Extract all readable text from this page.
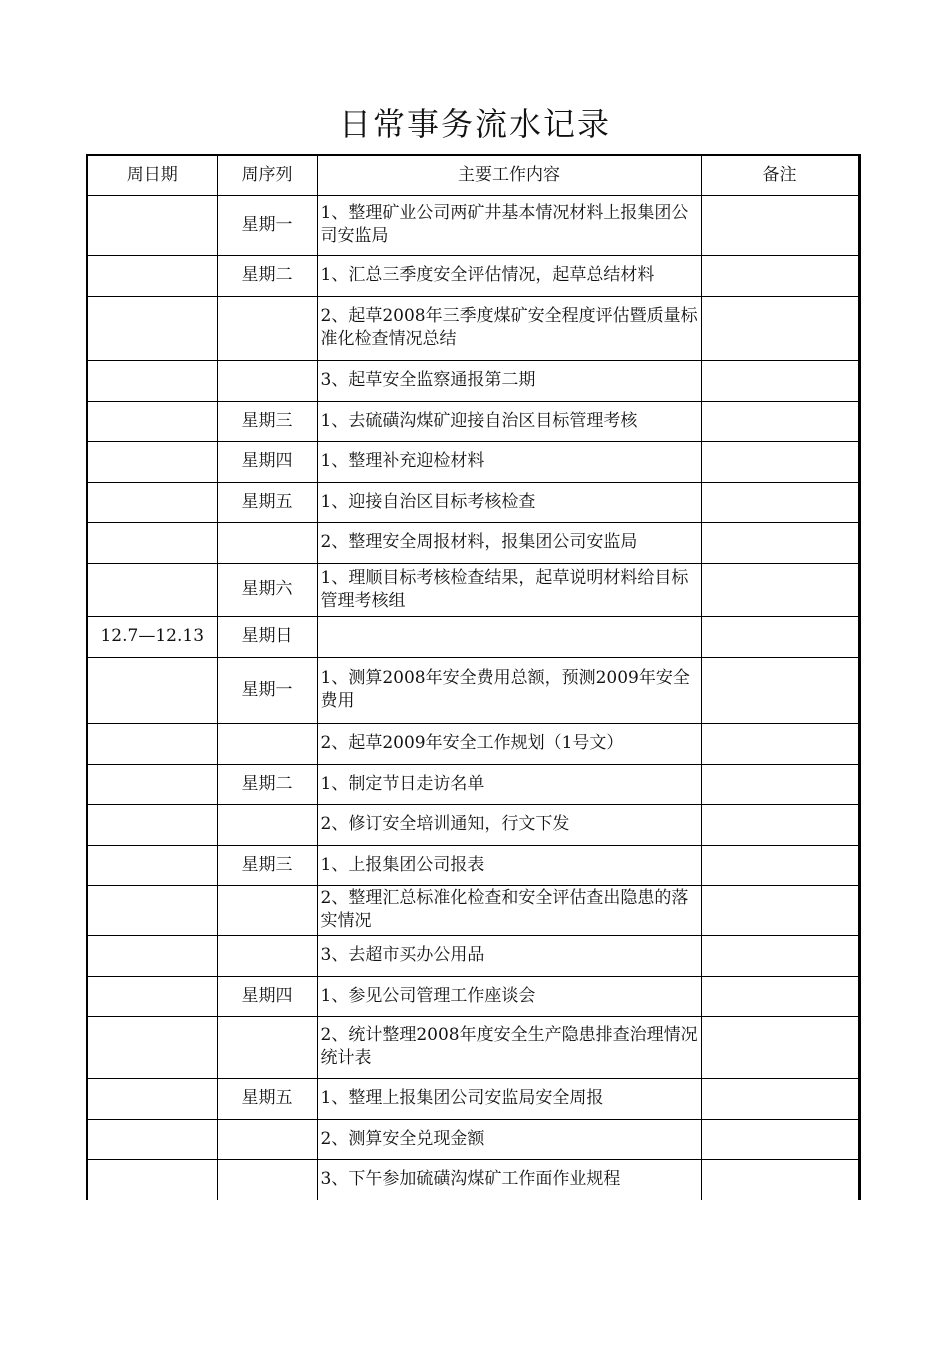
日常事务流水记录
周日期	周序列	主要工作内容	备注
	星期一	1、整理矿业公司两矿井基本情况材料上报集团公司安监局	
	星期二	1、汇总三季度安全评估情况，起草总结材料	
		2、起草2008年三季度煤矿安全程度评估暨质量标准化检查情况总结	
		3、起草安全监察通报第二期	
	星期三	1、去硫磺沟煤矿迎接自治区目标管理考核	
	星期四	1、整理补充迎检材料	
	星期五	1、迎接自治区目标考核检查	
		2、整理安全周报材料，报集团公司安监局	
	星期六	1、理顺目标考核检查结果，起草说明材料给目标管理考核组	
12.7—12.13	星期日		
	星期一	1、测算2008年安全费用总额，预测2009年安全费用	
		2、起草2009年安全工作规划（1号文）	
	星期二	1、制定节日走访名单	
		2、修订安全培训通知，行文下发	
	星期三	1、上报集团公司报表	
		2、整理汇总标准化检查和安全评估查出隐患的落实情况	
		3、去超市买办公用品	
	星期四	1、参见公司管理工作座谈会	
		2、统计整理2008年度安全生产隐患排查治理情况统计表	
	星期五	1、整理上报集团公司安监局安全周报	
		2、测算安全兑现金额	
		3、下午参加硫磺沟煤矿工作面作业规程	
